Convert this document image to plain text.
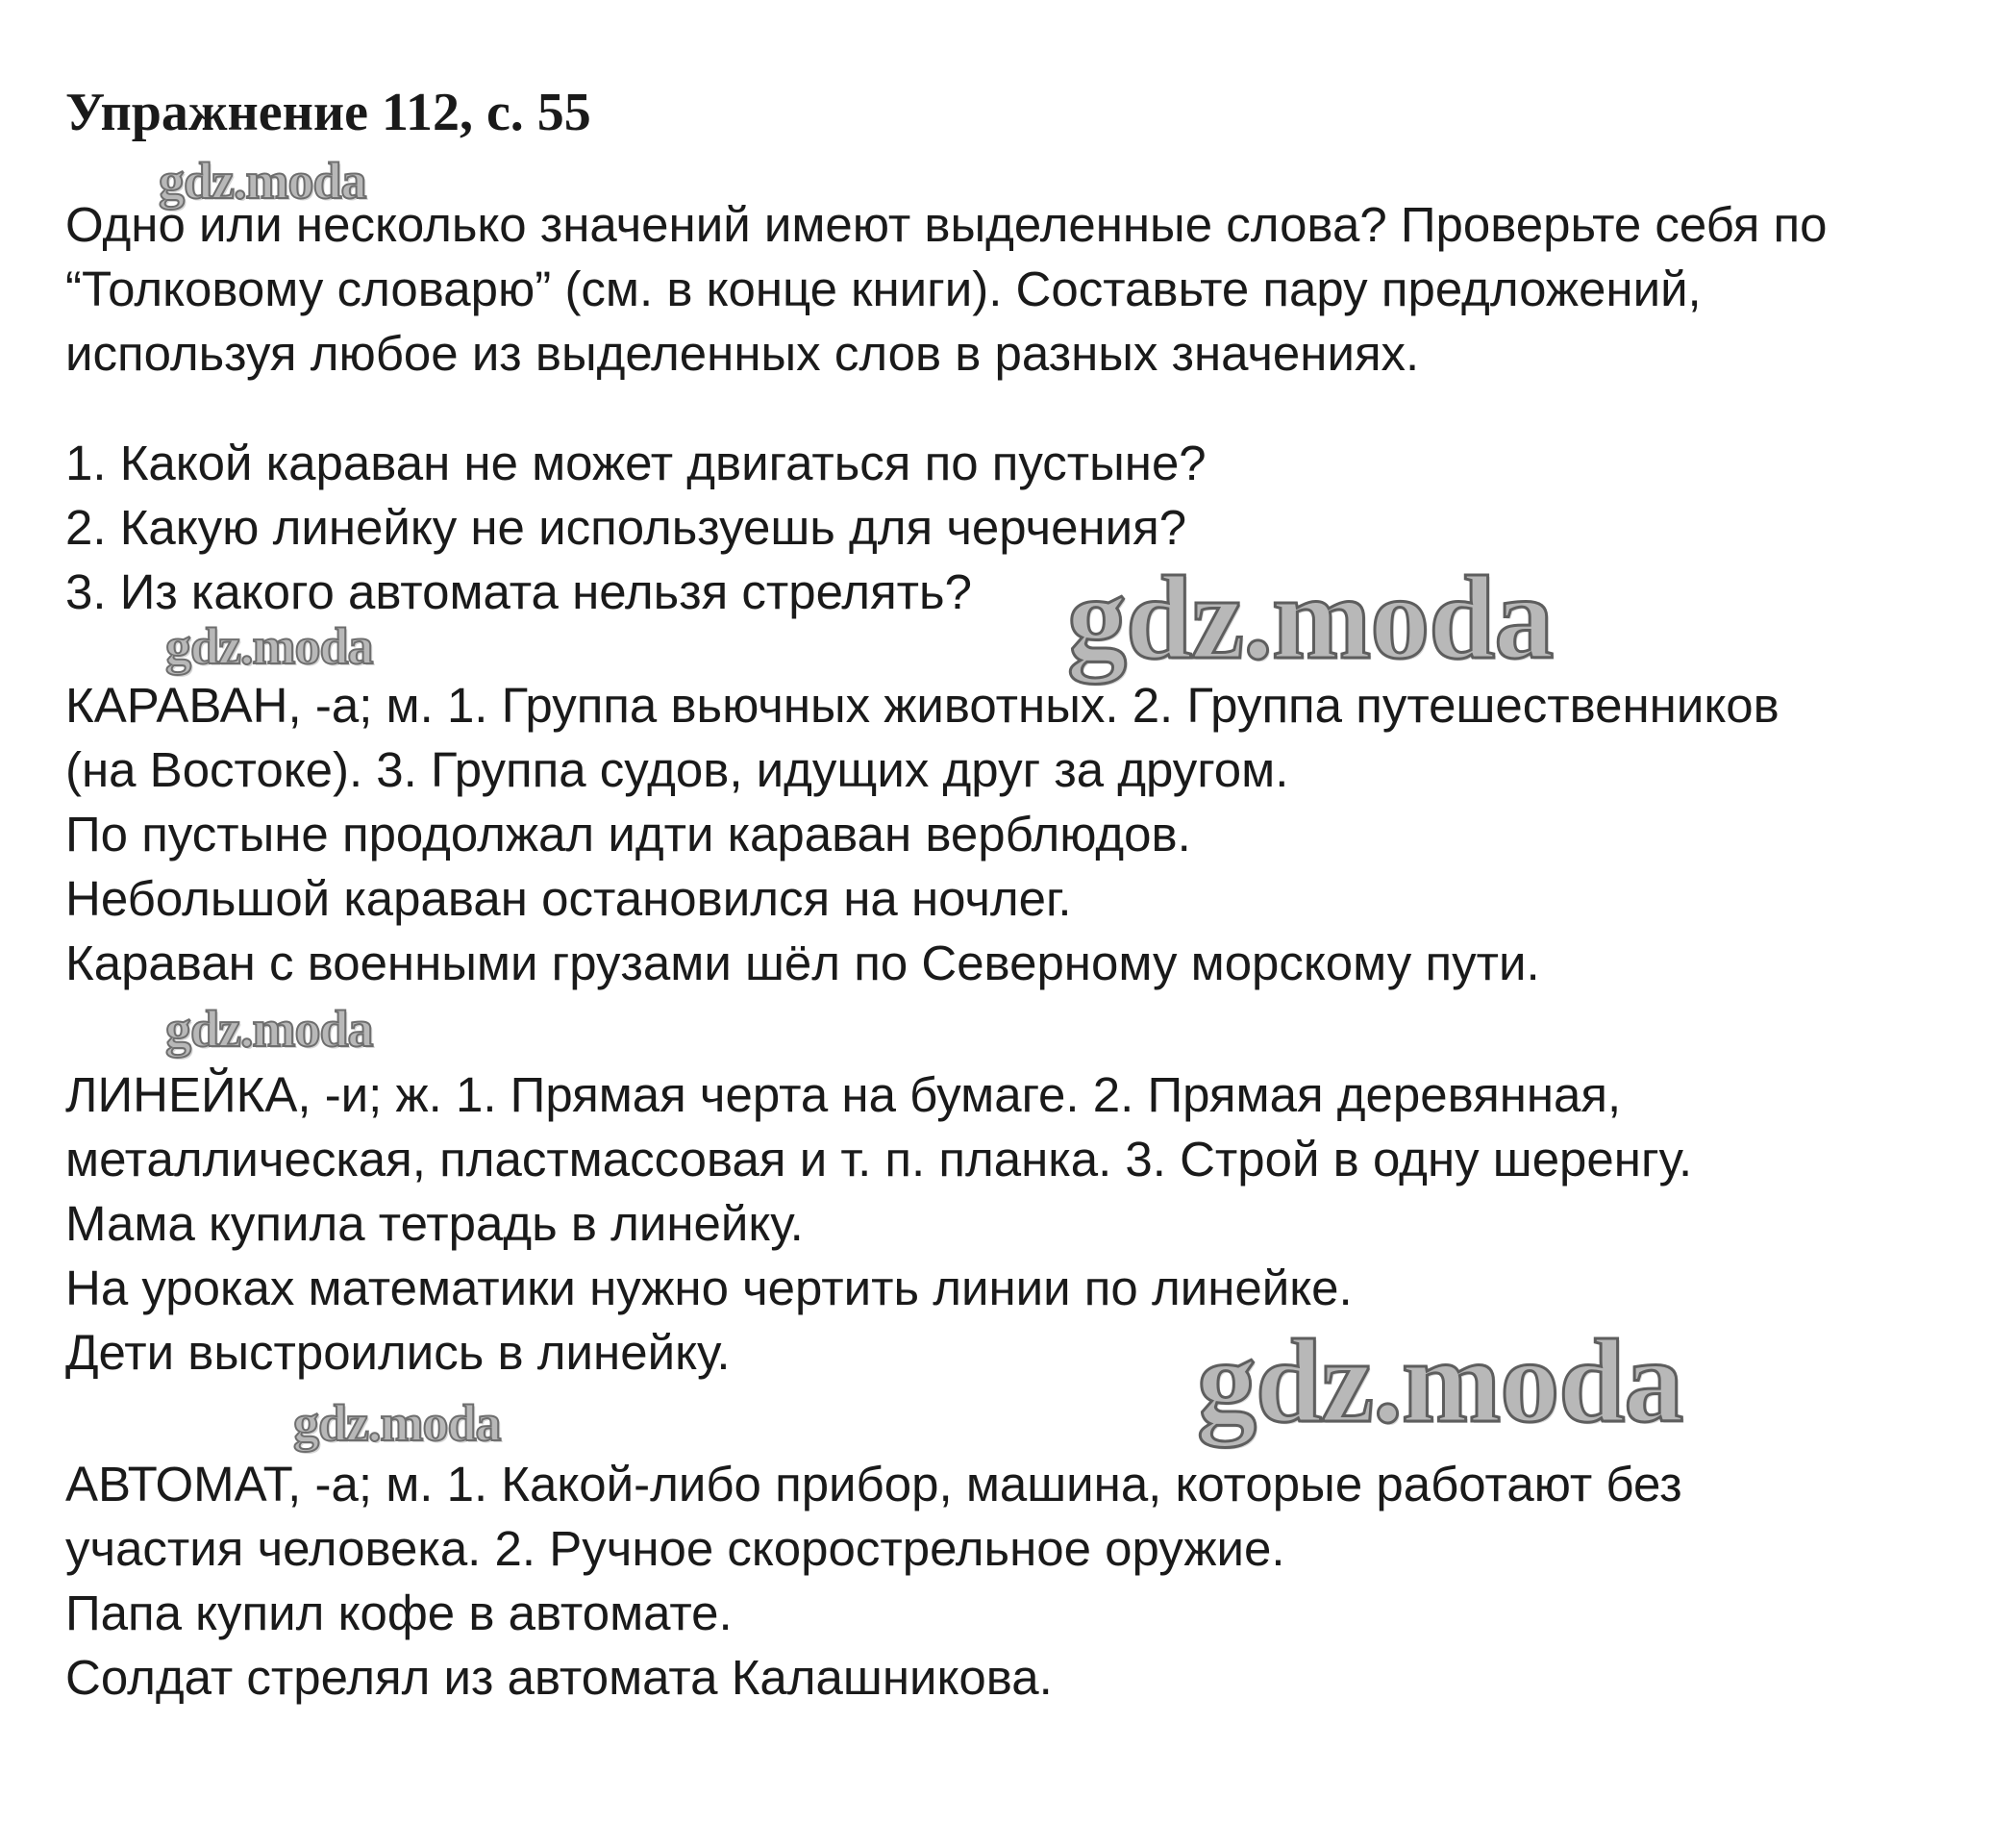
Упражнение 112, с. 55
Одно или несколько значений имеют выделенные слова? Проверьте себя по
“Толковому словарю” (см. в конце книги). Составьте пару предложений,
используя любое из выделенных слов в разных значениях.
1. Какой караван не может двигаться по пустыне?
2. Какую линейку не используешь для черчения?
3. Из какого автомата нельзя стрелять?
КАРАВАН, -а; м. 1. Группа вьючных животных. 2. Группа путешественников
(на Востоке). 3. Группа судов, идущих друг за другом.
По пустыне продолжал идти караван верблюдов.
Небольшой караван остановился на ночлег.
Караван с военными грузами шёл по Северному морскому пути.
ЛИНЕЙКА, -и; ж. 1. Прямая черта на бумаге. 2. Прямая деревянная,
металлическая, пластмассовая и т. п. планка. 3. Строй в одну шеренгу.
Мама купила тетрадь в линейку.
На уроках математики нужно чертить линии по линейке.
Дети выстроились в линейку.
АВТОМАТ, -а; м. 1. Какой-либо прибор, машина, которые работают без
участия человека. 2. Ручное скорострельное оружие.
Папа купил кофе в автомате.
Солдат стрелял из автомата Калашникова.
gdz.moda
gdz.moda
gdz.moda
gdz.moda
gdz.moda
gdz.moda
